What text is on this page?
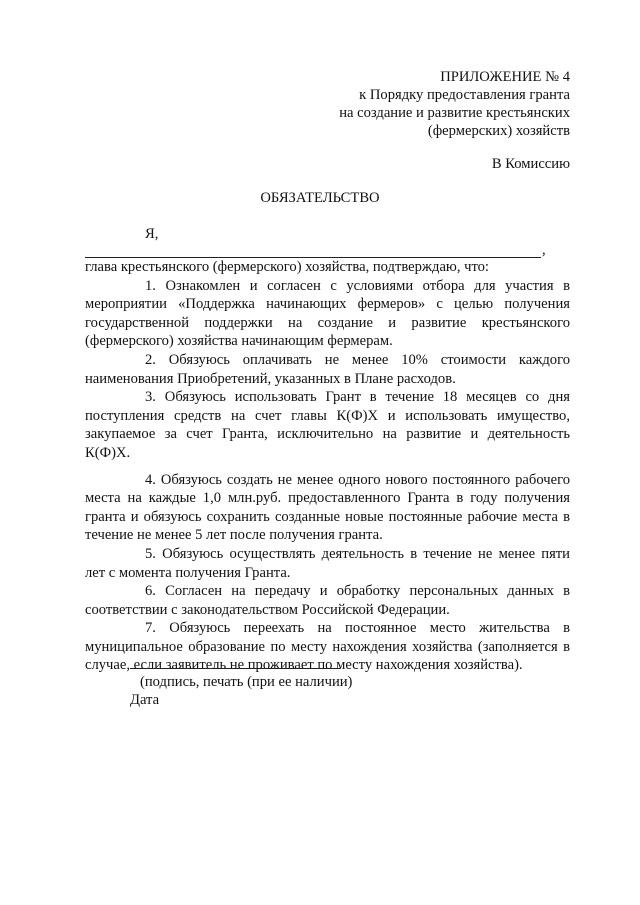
ПРИЛОЖЕНИЕ № 4
к Порядку предоставления гранта
на создание и развитие крестьянских
(фермерских) хозяйств
В Комиссию
ОБЯЗАТЕЛЬСТВО
Я,
,
глава крестьянского (фермерского) хозяйства, подтверждаю, что:

1. Ознакомлен и согласен с условиями отбора для участия в мероприятии «Поддержка начинающих фермеров» с целью получения государственной поддержки на создание и развитие крестьянского (фермерского) хозяйства начинающим фермерам.

2. Обязуюсь оплачивать не менее 10% стоимости каждого наименования Приобретений, указанных в Плане расходов.

3. Обязуюсь использовать Грант в течение 18 месяцев со дня поступления средств на счет главы К(Ф)Х и использовать имущество, закупаемое за счет Гранта, исключительно на развитие и деятельность К(Ф)Х.

4. Обязуюсь создать не менее одного нового постоянного рабочего места на каждые 1,0 млн.руб. предоставленного Гранта в году получения гранта и обязуюсь сохранить созданные новые постоянные рабочие места в течение не менее 5 лет после получения гранта.

5. Обязуюсь осуществлять деятельность в течение не менее пяти лет с момента получения Гранта.

6. Согласен на передачу и обработку персональных данных в соответствии с законодательством Российской Федерации.

7. Обязуюсь переехать на постоянное место жительства в муниципальное образование по месту нахождения хозяйства (заполняется в случае, если заявитель не проживает по месту нахождения хозяйства).

(подпись, печать (при ее наличии)
Дата
